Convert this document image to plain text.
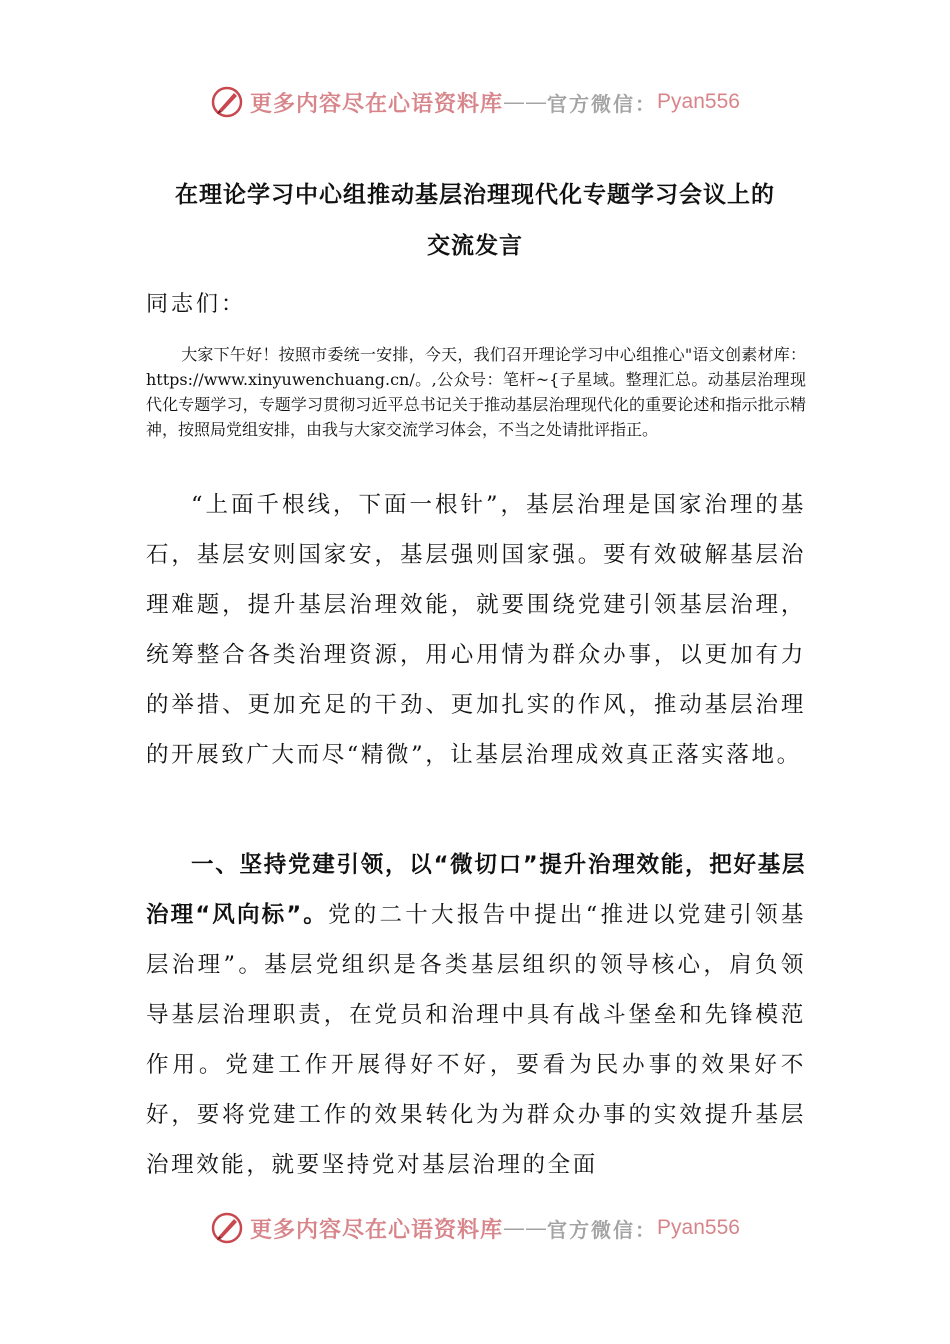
更多内容尽在心语资料库 —— 官方微信： Pyan556
在理论学习中心组推动基层治理现代化专题学习会议上的
交流发言
同志们：
大家下午好！按照市委统一安排，今天，我们召开理论学习中心组推心"语文创素材库：https://www.xinyuwenchuang.cn/。,公众号：笔杆~{子星域。整理汇总。动基层治理现代化专题学习，专题学习贯彻习近平总书记关于推动基层治理现代化的重要论述和指示批示精神，按照局党组安排，由我与大家交流学习体会，不当之处请批评指正。
“上面千根线，下面一根针”，基层治理是国家治理的基石，基层安则国家安，基层强则国家强。要有效破解基层治理难题，提升基层治理效能，就要围绕党建引领基层治理，统筹整合各类治理资源，用心用情为群众办事，以更加有力的举措、更加充足的干劲、更加扎实的作风，推动基层治理的开展致广大而尽“精微”，让基层治理成效真正落实落地。
一、坚持党建引领，以“微切口”提升治理效能，把好基层治理“风向标”。党的二十大报告中提出“推进以党建引领基层治理”。基层党组织是各类基层组织的领导核心，肩负领导基层治理职责，在党员和治理中具有战斗堡垒和先锋模范作用。党建工作开展得好不好，要看为民办事的效果好不好，要将党建工作的效果转化为为群众办事的实效提升基层治理效能，就要坚持党对基层治理的全面
更多内容尽在心语资料库 —— 官方微信： Pyan556
